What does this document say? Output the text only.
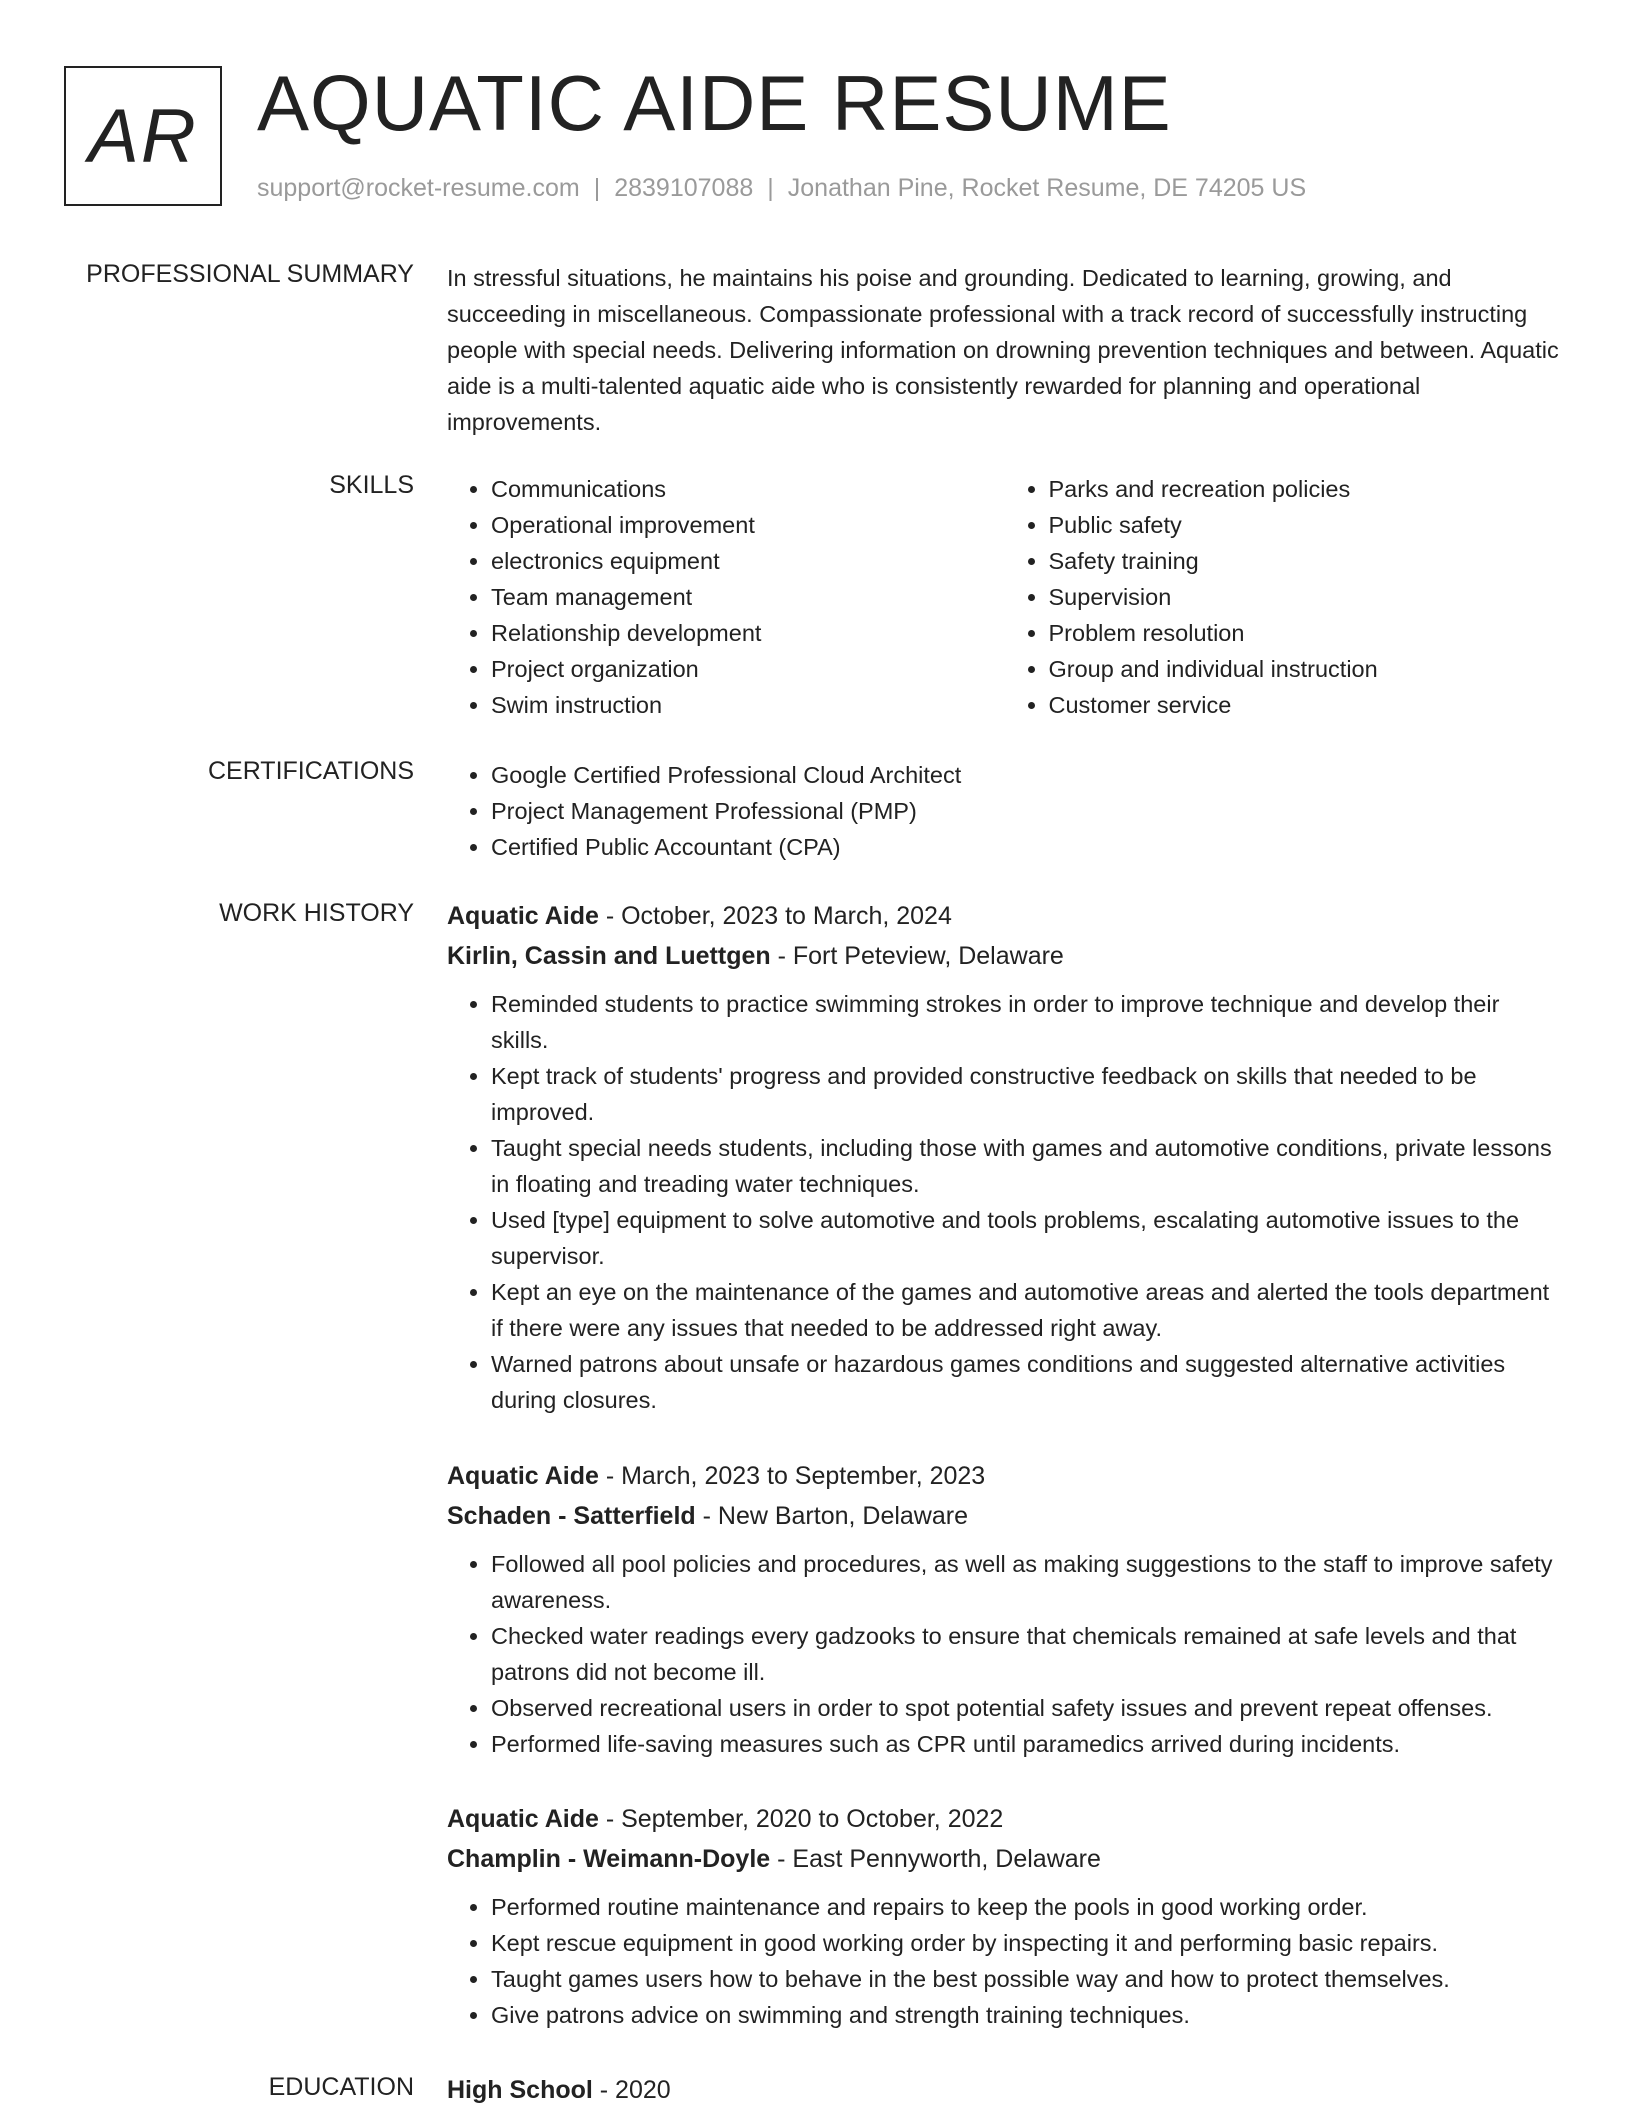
AR AQUATIC AIDE RESUME
support@rocket-resume.com | 2839107088 | Jonathan Pine, Rocket Resume, DE 74205 US
PROFESSIONAL SUMMARY In stressful situations, he maintains his poise and grounding. Dedicated to learning, growing, and succeeding in miscellaneous. Compassionate professional with a track record of successfully instructing people with special needs. Delivering information on drowning prevention techniques and between. Aquatic aide is a multi-talented aquatic aide who is consistently rewarded for planning and operational improvements.

SKILLS	• Communications
• Operational improvement
• electronics equipment
• Team management
• Relationship development
• Project organization
• Swim instruction
• Parks and recreation policies
• Public safety
• Safety training
• Supervision
• Problem resolution
• Group and individual instruction
• Customer service
CERTIFICATIONS	• Google Certified Professional Cloud Architect
• Project Management Professional (PMP)
• Certified Public Accountant (CPA)
WORK HISTORY Aquatic Aide - October, 2023 to March, 2024
Kirlin, Cassin and Luettgen - Fort Peteview, Delaware
• Reminded students to practice swimming strokes in order to improve technique and develop their skills.
• Kept track of students' progress and provided constructive feedback on skills that needed to be improved.
• Taught special needs students, including those with games and automotive conditions, private lessons in floating and treading water techniques.
• Used [type] equipment to solve automotive and tools problems, escalating automotive issues to the supervisor.
• Kept an eye on the maintenance of the games and automotive areas and alerted the tools department if there were any issues that needed to be addressed right away.
• Warned patrons about unsafe or hazardous games conditions and suggested alternative activities during closures.
Aquatic Aide - March, 2023 to September, 2023
Schaden - Satterfield - New Barton, Delaware
• Followed all pool policies and procedures, as well as making suggestions to the staff to improve safety awareness.
• Checked water readings every gadzooks to ensure that chemicals remained at safe levels and that patrons did not become ill.
• Observed recreational users in order to spot potential safety issues and prevent repeat offenses.
• Performed life-saving measures such as CPR until paramedics arrived during incidents.
Aquatic Aide - September, 2020 to October, 2022
Champlin - Weimann-Doyle - East Pennyworth, Delaware
• Performed routine maintenance and repairs to keep the pools in good working order.
• Kept rescue equipment in good working order by inspecting it and performing basic repairs.
• Taught games users how to behave in the best possible way and how to protect themselves.
• Give patrons advice on swimming and strength training techniques.
EDUCATION High School - 2020
